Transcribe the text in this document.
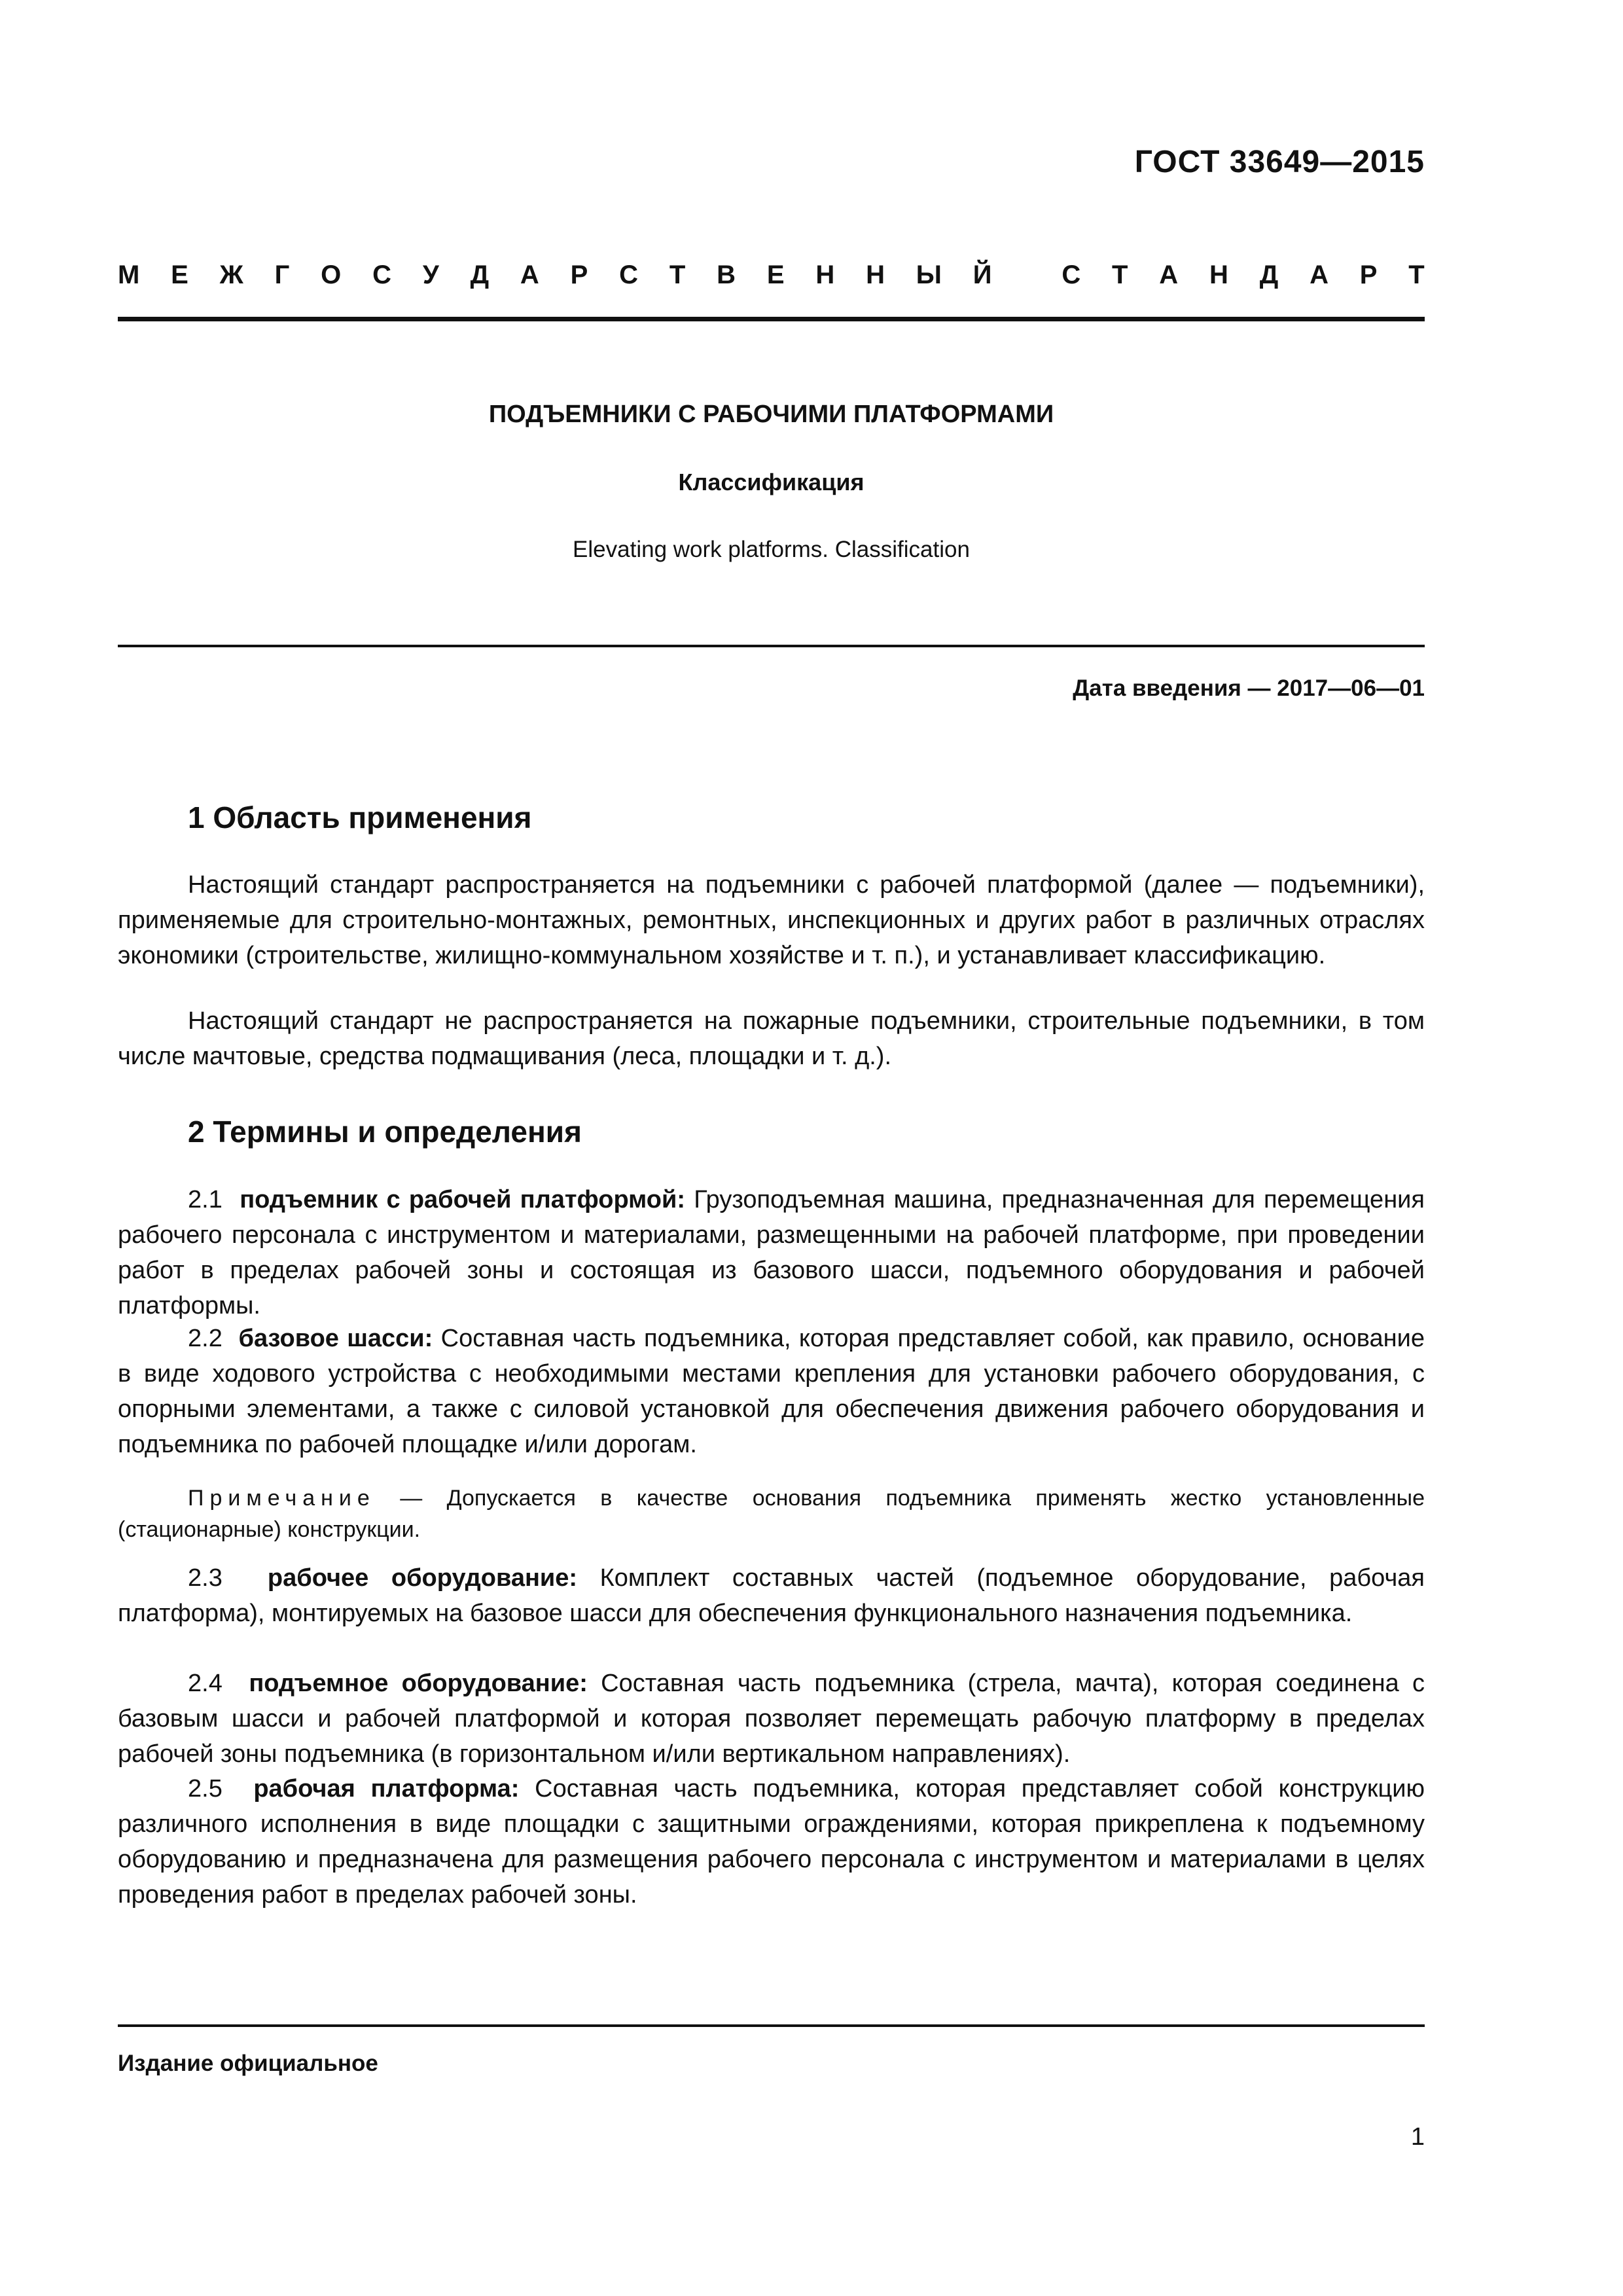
ГОСТ 33649—2015
М Е Ж Г О С У Д А Р С Т В Е Н Н Ы Й
	С Т А Н Д А Р Т
ПОДЪЕМНИКИ С РАБОЧИМИ ПЛАТФОРМАМИ
Классификация
Elevating work platforms. Classification
Дата введения — 2017—06—01
1 Область применения
Настоящий стандарт распространяется на подъемники с рабочей платформой (далее — подъемники), применяемые для строительно-монтажных, ремонтных, инспекционных и других работ в различных отраслях экономики (строительстве, жилищно-коммунальном хозяйстве и т. п.), и устанавливает классификацию.
Настоящий стандарт не распространяется на пожарные подъемники, строительные подъемники, в том числе мачтовые, средства подмащивания (леса, площадки и т. д.).
2 Термины и определения
2.1 подъемник с рабочей платформой: Грузоподъемная машина, предназначенная для перемещения рабочего персонала с инструментом и материалами, размещенными на рабочей платформе, при проведении работ в пределах рабочей зоны и состоящая из базового шасси, подъемного оборудования и рабочей платформы.
2.2 базовое шасси: Составная часть подъемника, которая представляет собой, как правило, основание в виде ходового устройства с необходимыми местами крепления для установки рабочего оборудования, с опорными элементами, а также с силовой установкой для обеспечения движения рабочего оборудования и подъемника по рабочей площадке и/или дорогам.
Примечание — Допускается в качестве основания подъемника применять жестко установленные (стационарные) конструкции.
2.3 рабочее оборудование: Комплект составных частей (подъемное оборудование, рабочая платформа), монтируемых на базовое шасси для обеспечения функционального назначения подъемника.
2.4 подъемное оборудование: Составная часть подъемника (стрела, мачта), которая соединена с базовым шасси и рабочей платформой и которая позволяет перемещать рабочую платформу в пределах рабочей зоны подъемника (в горизонтальном и/или вертикальном направлениях).
2.5 рабочая платформа: Составная часть подъемника, которая представляет собой конструкцию различного исполнения в виде площадки с защитными ограждениями, которая прикреплена к подъемному оборудованию и предназначена для размещения рабочего персонала с инструментом и материалами в целях проведения работ в пределах рабочей зоны.
Издание официальное
1
